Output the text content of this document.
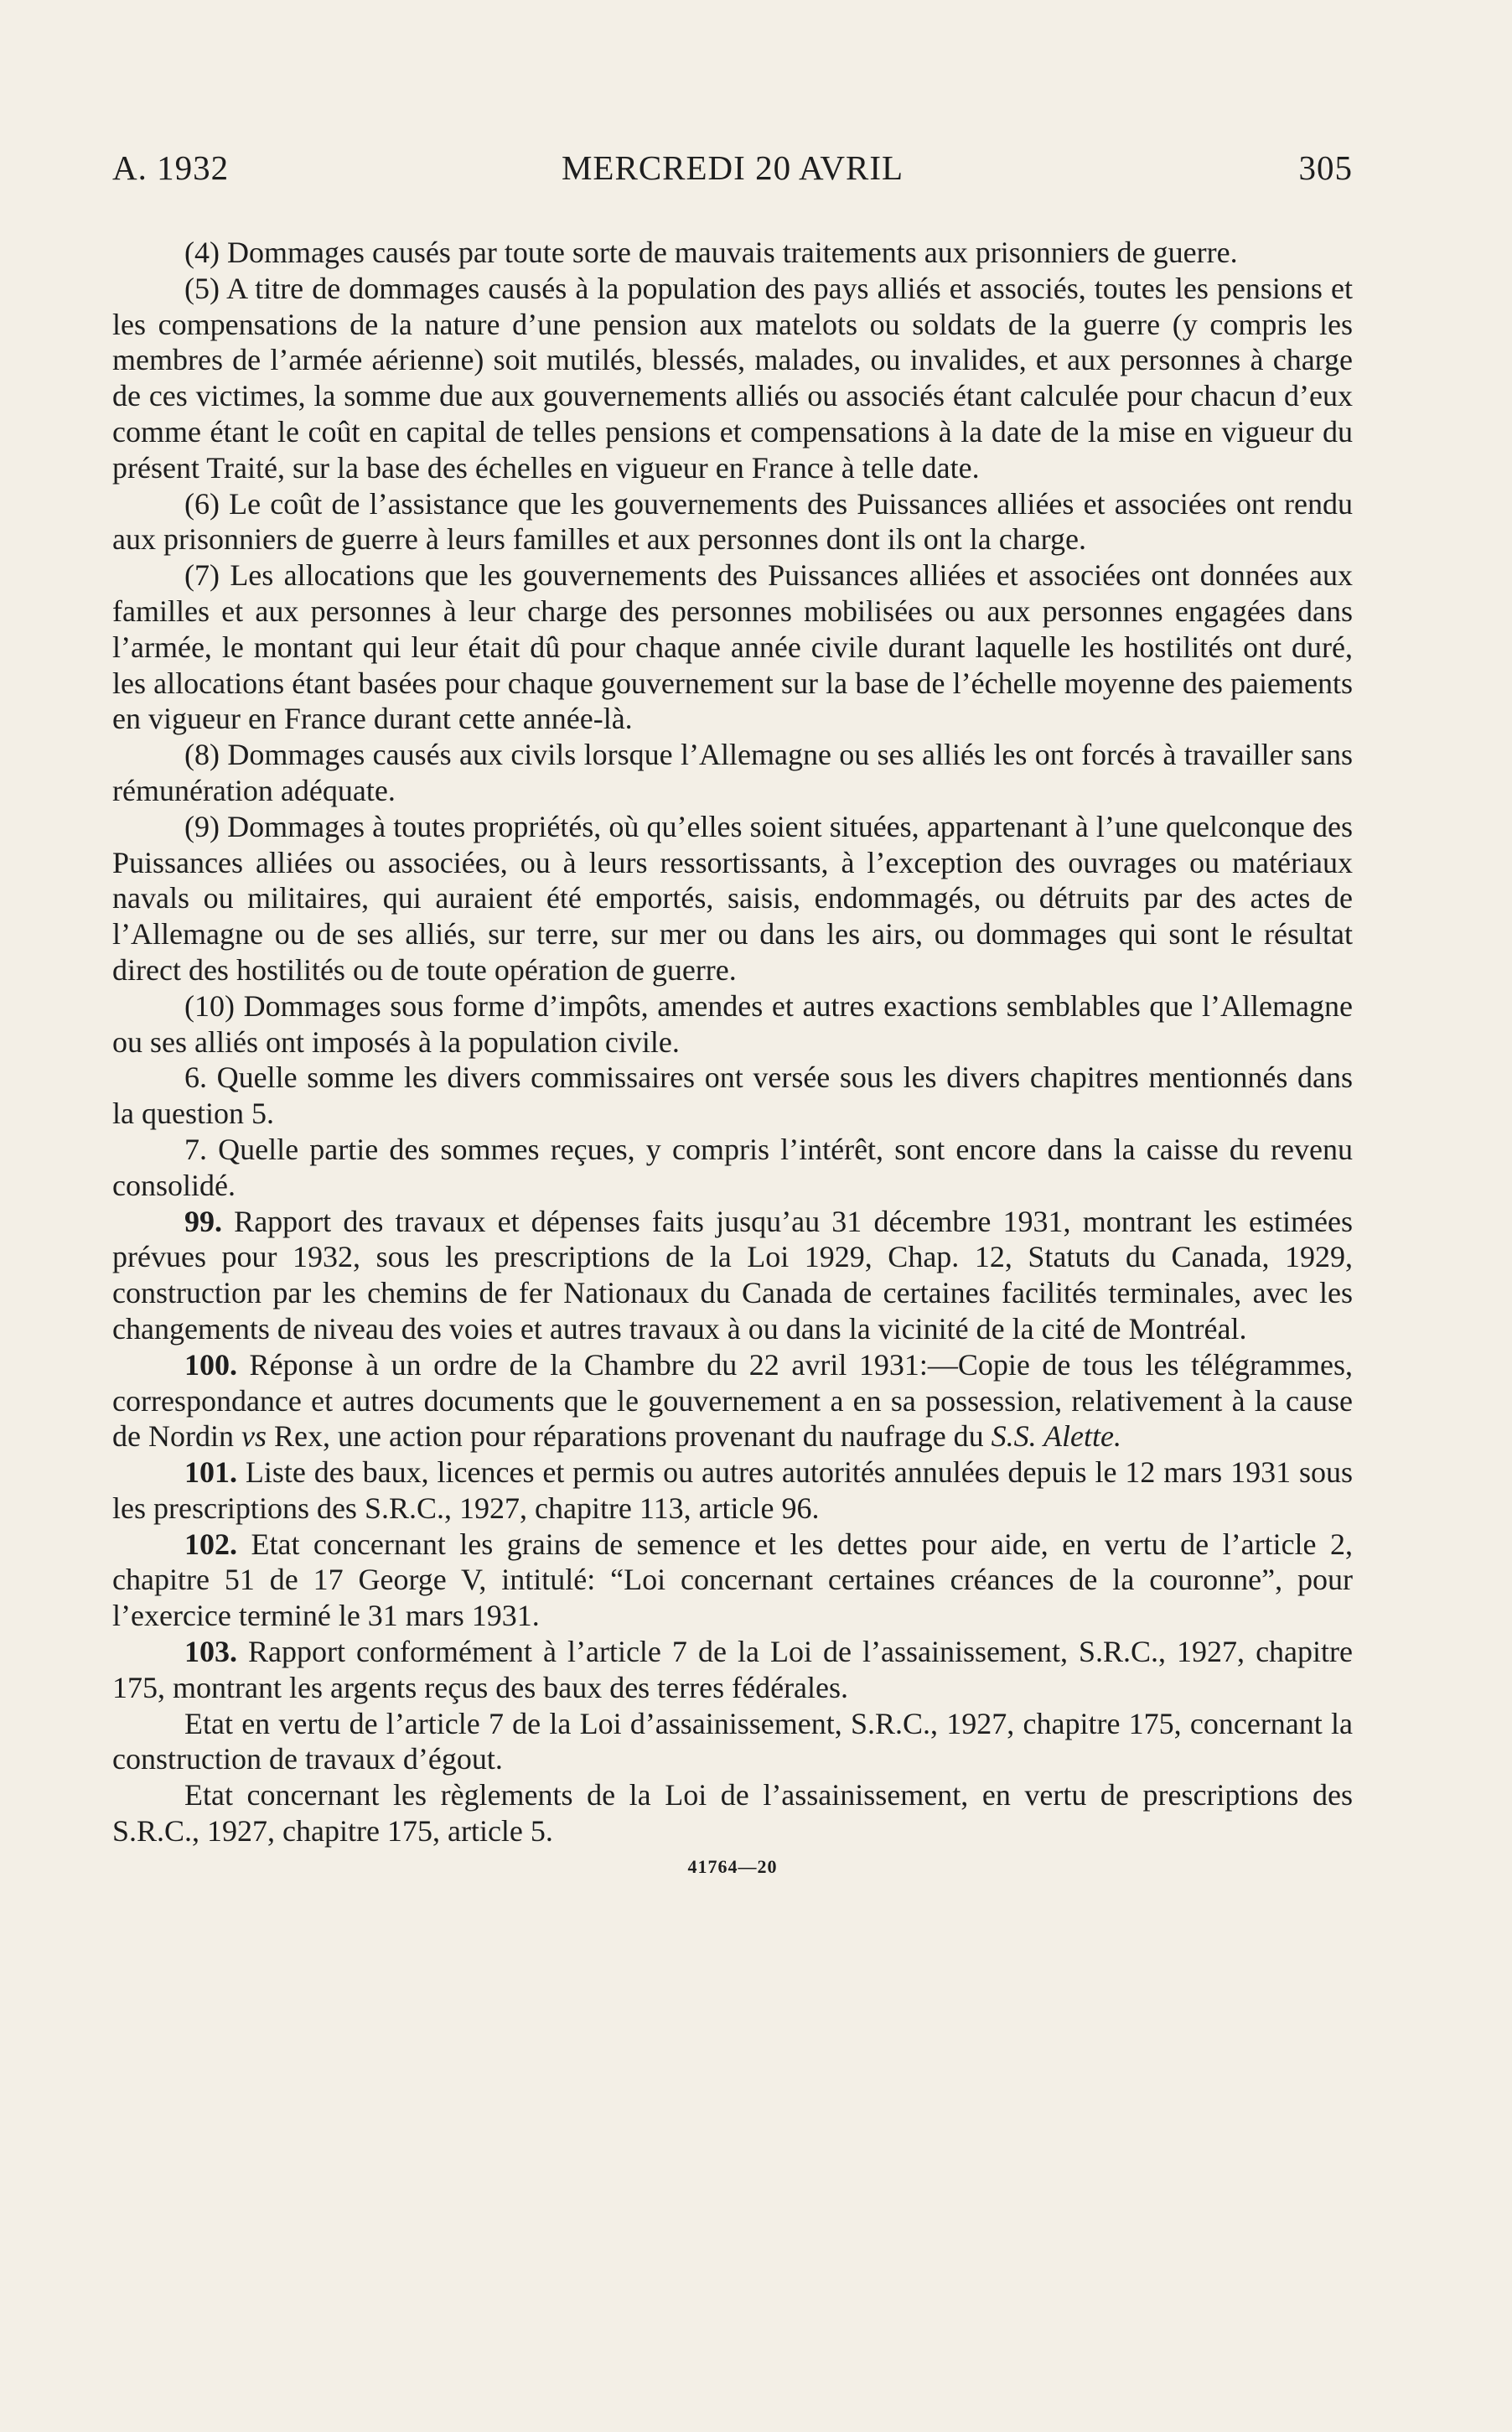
A. 1932	MERCREDI 20 AVRIL	305

(4) Dommages causés par toute sorte de mauvais traitements aux prisonniers de guerre.

(5) A titre de dommages causés à la population des pays alliés et associés, toutes les pensions et les compensations de la nature d’une pension aux matelots ou soldats de la guerre (y compris les membres de l’armée aérienne) soit mutilés, blessés, malades, ou invalides, et aux personnes à charge de ces victimes, la somme due aux gouvernements alliés ou associés étant calculée pour chacun d’eux comme étant le coût en capital de telles pensions et compensations à la date de la mise en vigueur du présent Traité, sur la base des échelles en vigueur en France à telle date.

(6) Le coût de l’assistance que les gouvernements des Puissances alliées et associées ont rendu aux prisonniers de guerre à leurs familles et aux personnes dont ils ont la charge.

(7) Les allocations que les gouvernements des Puissances alliées et associées ont données aux familles et aux personnes à leur charge des personnes mobilisées ou aux personnes engagées dans l’armée, le montant qui leur était dû pour chaque année civile durant laquelle les hostilités ont duré, les allocations étant basées pour chaque gouvernement sur la base de l’échelle moyenne des paiements en vigueur en France durant cette année-là.

(8) Dommages causés aux civils lorsque l’Allemagne ou ses alliés les ont forcés à travailler sans rémunération adéquate.

(9) Dommages à toutes propriétés, où qu’elles soient situées, appartenant à l’une quelconque des Puissances alliées ou associées, ou à leurs ressortissants, à l’exception des ouvrages ou matériaux navals ou militaires, qui auraient été emportés, saisis, endommagés, ou détruits par des actes de l’Allemagne ou de ses alliés, sur terre, sur mer ou dans les airs, ou dommages qui sont le résultat direct des hostilités ou de toute opération de guerre.

(10) Dommages sous forme d’impôts, amendes et autres exactions semblables que l’Allemagne ou ses alliés ont imposés à la population civile.

6. Quelle somme les divers commissaires ont versée sous les divers chapitres mentionnés dans la question 5.

7. Quelle partie des sommes reçues, y compris l’intérêt, sont encore dans la caisse du revenu consolidé.

99. Rapport des travaux et dépenses faits jusqu’au 31 décembre 1931, montrant les estimées prévues pour 1932, sous les prescriptions de la Loi 1929, Chap. 12, Statuts du Canada, 1929, construction par les chemins de fer Nationaux du Canada de certaines facilités terminales, avec les changements de niveau des voies et autres travaux à ou dans la vicinité de la cité de Montréal.

100. Réponse à un ordre de la Chambre du 22 avril 1931:—Copie de tous les télégrammes, correspondance et autres documents que le gouvernement a en sa possession, relativement à la cause de Nordin vs Rex, une action pour réparations provenant du naufrage du S.S. Alette.

101. Liste des baux, licences et permis ou autres autorités annulées depuis le 12 mars 1931 sous les prescriptions des S.R.C., 1927, chapitre 113, article 96.

102. Etat concernant les grains de semence et les dettes pour aide, en vertu de l’article 2, chapitre 51 de 17 George V, intitulé: “Loi concernant certaines créances de la couronne”, pour l’exercice terminé le 31 mars 1931.

103. Rapport conformément à l’article 7 de la Loi de l’assainissement, S.R.C., 1927, chapitre 175, montrant les argents reçus des baux des terres fédérales.

Etat en vertu de l’article 7 de la Loi d’assainissement, S.R.C., 1927, chapitre 175, concernant la construction de travaux d’égout.

Etat concernant les règlements de la Loi de l’assainissement, en vertu de prescriptions des S.R.C., 1927, chapitre 175, article 5.

41764—20
